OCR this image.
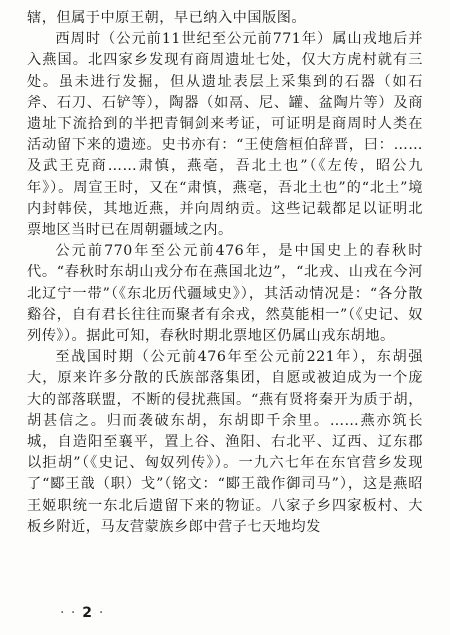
辖，但属于中原王朝，早已纳入中国版图。

西周时（公元前11世纪至公元前771年）属山戎地后并入燕国。北四家乡发现有商周遗址七处，仅大方虎村就有三处。虽未进行发掘，但从遗址表层上采集到的石器（如石斧、石刀、石铲等），陶器（如鬲、尼、罐、盆陶片等）及商遗址下流拾到的半把青铜剑来考证，可证明是商周时人类在活动留下来的遗迹。史书亦有：“王使詹桓伯辞晋，曰：……及武王克商……肃慎，燕亳，吾北土也”（《左传，昭公九年》）。周宣王时，又在“肃慎，燕亳，吾北土也”的“北土”境内封韩侯，其地近燕，并向周纳贡。这些记载都足以证明北票地区当时已在周朝疆域之内。

公元前770年至公元前476年，是中国史上的春秋时代。“春秋时东胡山戎分布在燕国北边”，“北戎、山戎在今河北辽宁一带”（《东北历代疆域史》），其活动情况是：“各分散谿谷，自有君长往往而聚者有余戎，然莫能相一”（《史记、奴列传》）。据此可知，春秋时期北票地区仍属山戎东胡地。

至战国时期（公元前476年至公元前221年），东胡强大，原来许多分散的氏族部落集团，自愿或被迫成为一个庞大的部落联盟，不断的侵扰燕国。“燕有贤将秦开为质于胡，胡甚信之。归而袭破东胡，东胡即千余里。……燕亦筑长城，自造阳至襄平，置上谷、渔阳、右北平、辽西、辽东郡以拒胡”（《史记、匈奴列传》）。一九六七年在东官营乡发现了“郾王戠（职）戈”（铭文：“郾王戠作御司马”），这是燕昭王姬职统一东北后遗留下来的物证。八家子乡四家板村、大板乡附近，马友营蒙族乡郎中营子七天地均发

· · 2 ·
